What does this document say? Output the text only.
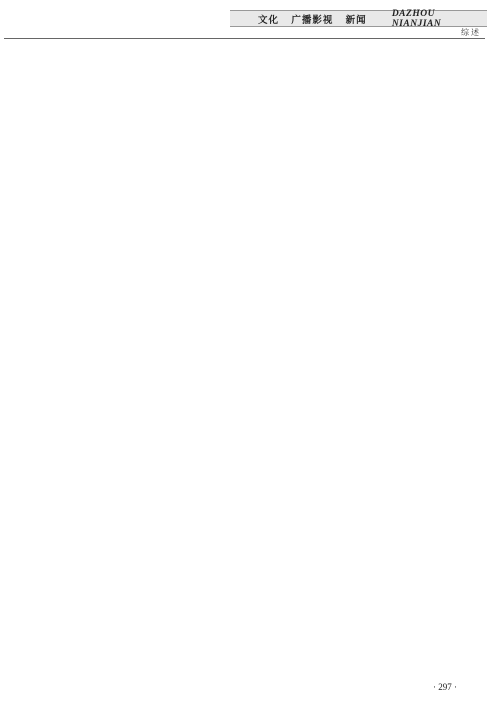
文化 广播影视 新闻
DAZHOU NIANJIAN
综述

· 297 ·
